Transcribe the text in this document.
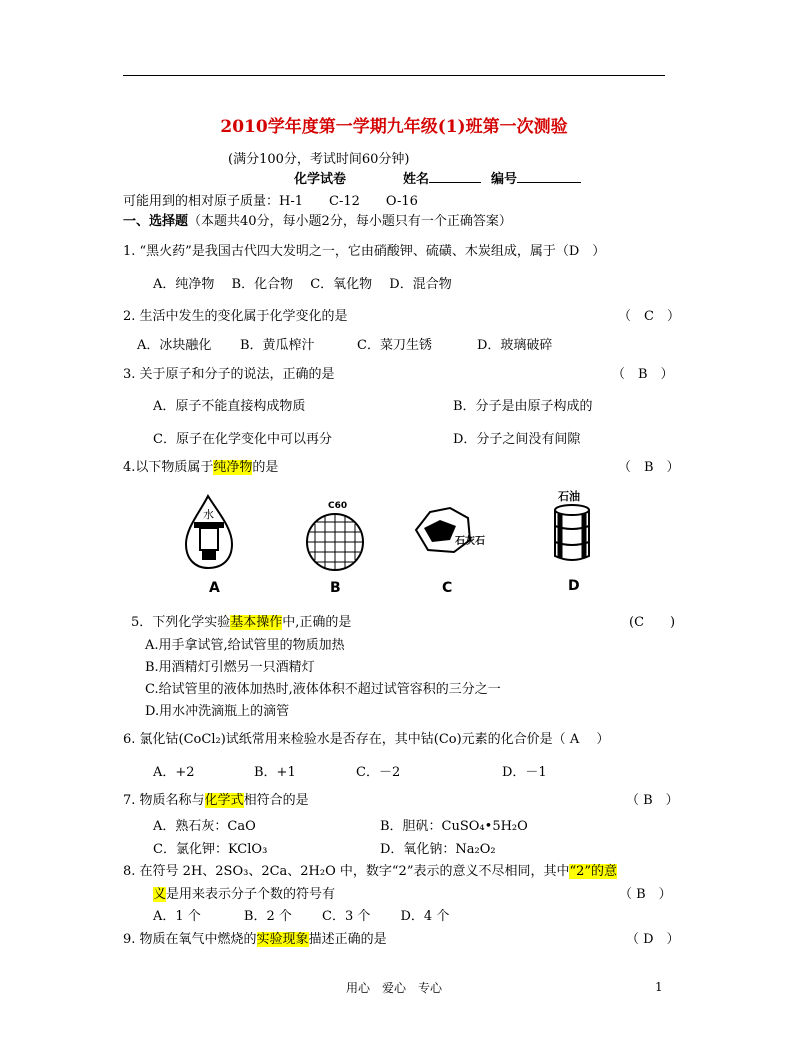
2010学年度第一学期九年级(1)班第一次测验
(满分100分，考试时间60分钟)
化学试卷	姓名	编号
可能用到的相对原子质量：H-1　　C-12　　O-16
一、选择题（本题共40分，每小题2分，每小题只有一个正确答案）
1. “黑火药”是我国古代四大发明之一，它由硝酸钾、硫磺、木炭组成，属于（D　）
A．纯净物　 B．化合物　 C．氧化物　 D．混合物
2. 生活中发生的变化属于化学变化的是	（　C　）
A．冰块融化 B．黄瓜榨汁	C．菜刀生锈	D．玻璃破碎
3. 关于原子和分子的说法，正确的是	（　B　）
A．原子不能直接构成物质	B．分子是由原子构成的
C．原子在化学变化中可以再分	D．分子之间没有间隙
4.以下物质属于纯净物的是	（　B　）
水
C60
石灰石
石油
A	B	C	D
5．下列化学实验基本操作中,正确的是	(C　　)
A.用手拿试管,给试管里的物质加热
B.用酒精灯引燃另一只酒精灯
C.给试管里的液体加热时,液体体积不超过试管容积的三分之一
D.用水冲洗滴瓶上的滴管
6. 氯化钴(CoCl₂)试纸常用来检验水是否存在，其中钴(Co)元素的化合价是（ A　 ）
A．+2	B．+1	C．－2	D．－1
7. 物质名称与化学式相符合的是	（ B　）
A．熟石灰：CaO	B．胆矾：CuSO₄•5H₂O
C．氯化钾：KClO₃	D．氧化钠：Na₂O₂
8. 在符号 2H、2SO₃、2Ca、2H₂O 中，数字“2”表示的意义不尽相同，其中“2”的意
义是用来表示分子个数的符号有	（ B　）
A．1 个　　　 B．2 个　　 C．3 个　　 D．4 个
9. 物质在氧气中燃烧的实验现象描述正确的是	（ D　）
用心　爱心　专心	1
